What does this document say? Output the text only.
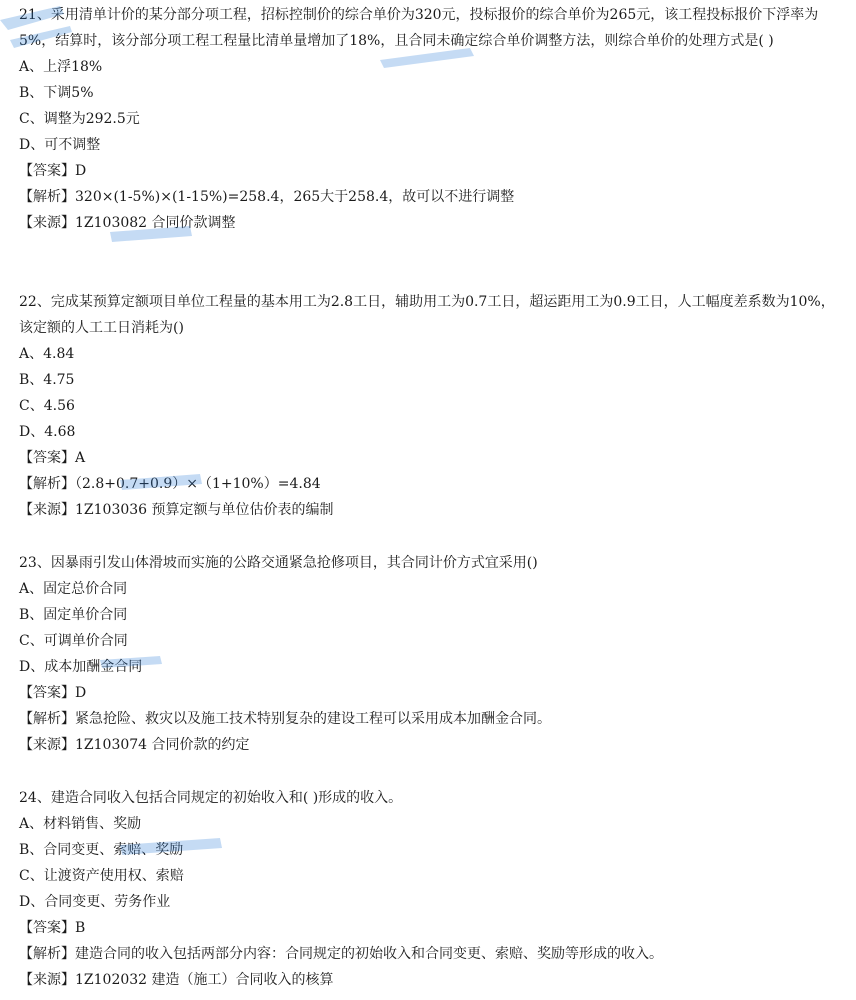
21、采用清单计价的某分部分项工程，招标控制价的综合单价为320元，投标报价的综合单价为265元，该工程投标报价下浮率为5%，结算时，该分部分项工程工程量比清单量增加了18%，且合同未确定综合单价调整方法，则综合单价的处理方式是( )
A、上浮18%
B、下调5%
C、调整为292.5元
D、可不调整
【答案】D
【解析】320×(1-5%)×(1-15%)=258.4，265大于258.4，故可以不进行调整
【来源】1Z103082 合同价款调整
22、完成某预算定额项目单位工程量的基本用工为2.8工日，辅助用工为0.7工日，超运距用工为0.9工日，人工幅度差系数为10%，该定额的人工工日消耗为()
A、4.84
B、4.75
C、4.56
D、4.68
【答案】A
【解析】（2.8+0.7+0.9）×（1+10%）=4.84
【来源】1Z103036 预算定额与单位估价表的编制
23、因暴雨引发山体滑坡而实施的公路交通紧急抢修项目，其合同计价方式宜采用()
A、固定总价合同
B、固定单价合同
C、可调单价合同
D、成本加酬金合同
【答案】D
【解析】紧急抢险、救灾以及施工技术特别复杂的建设工程可以采用成本加酬金合同。
【来源】1Z103074 合同价款的约定
24、建造合同收入包括合同规定的初始收入和( )形成的收入。
A、材料销售、奖励
B、合同变更、索赔、奖励
C、让渡资产使用权、索赔
D、合同变更、劳务作业
【答案】B
【解析】建造合同的收入包括两部分内容：合同规定的初始收入和合同变更、索赔、奖励等形成的收入。
【来源】1Z102032 建造（施工）合同收入的核算
